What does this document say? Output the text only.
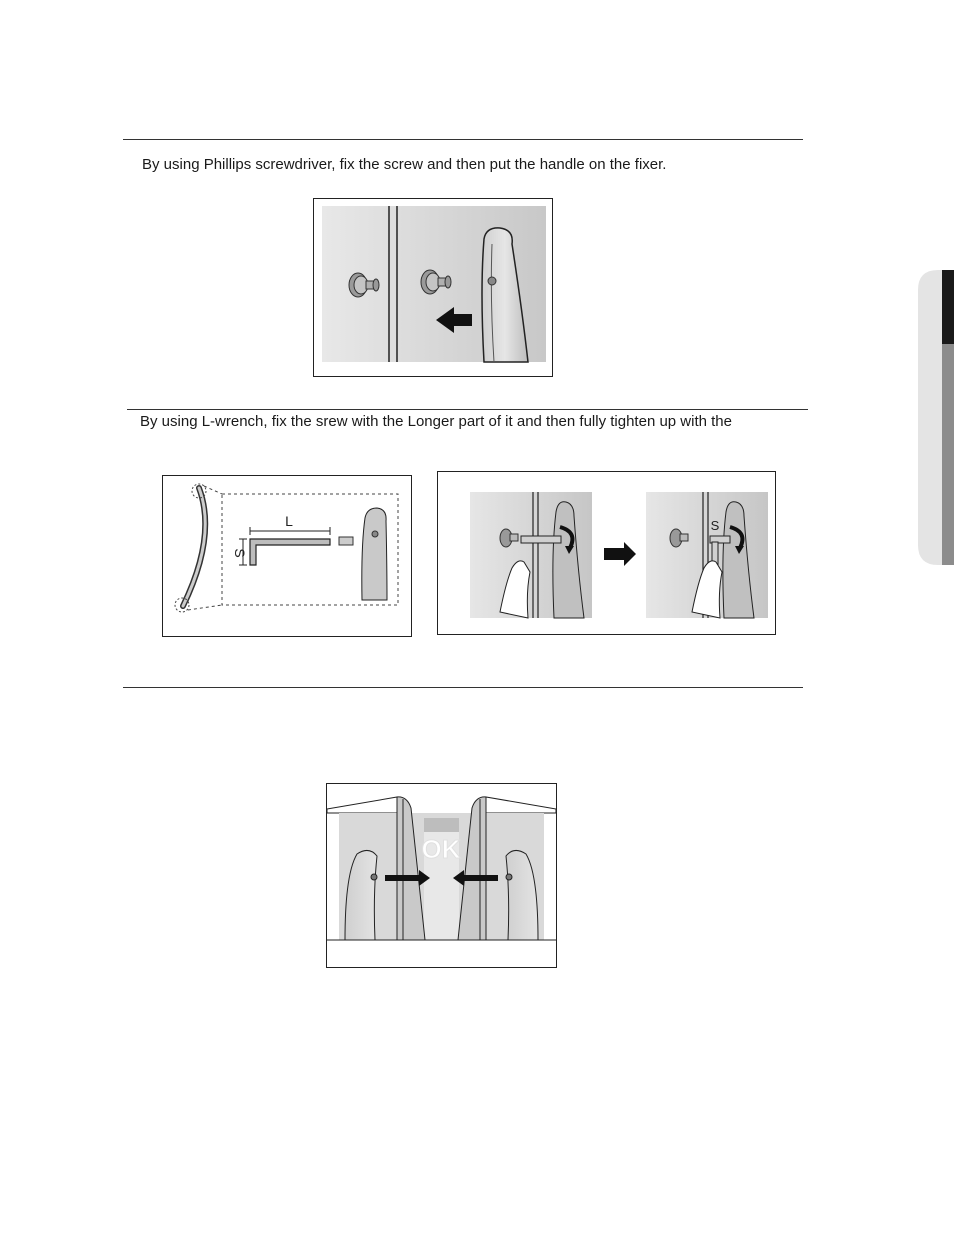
By using Phillips screwdriver, fix the screw and then put the handle on the fixer.
By using L-wrench, fix the srew with the Longer part of it and then fully tighten up with the
L
S
S
OK
